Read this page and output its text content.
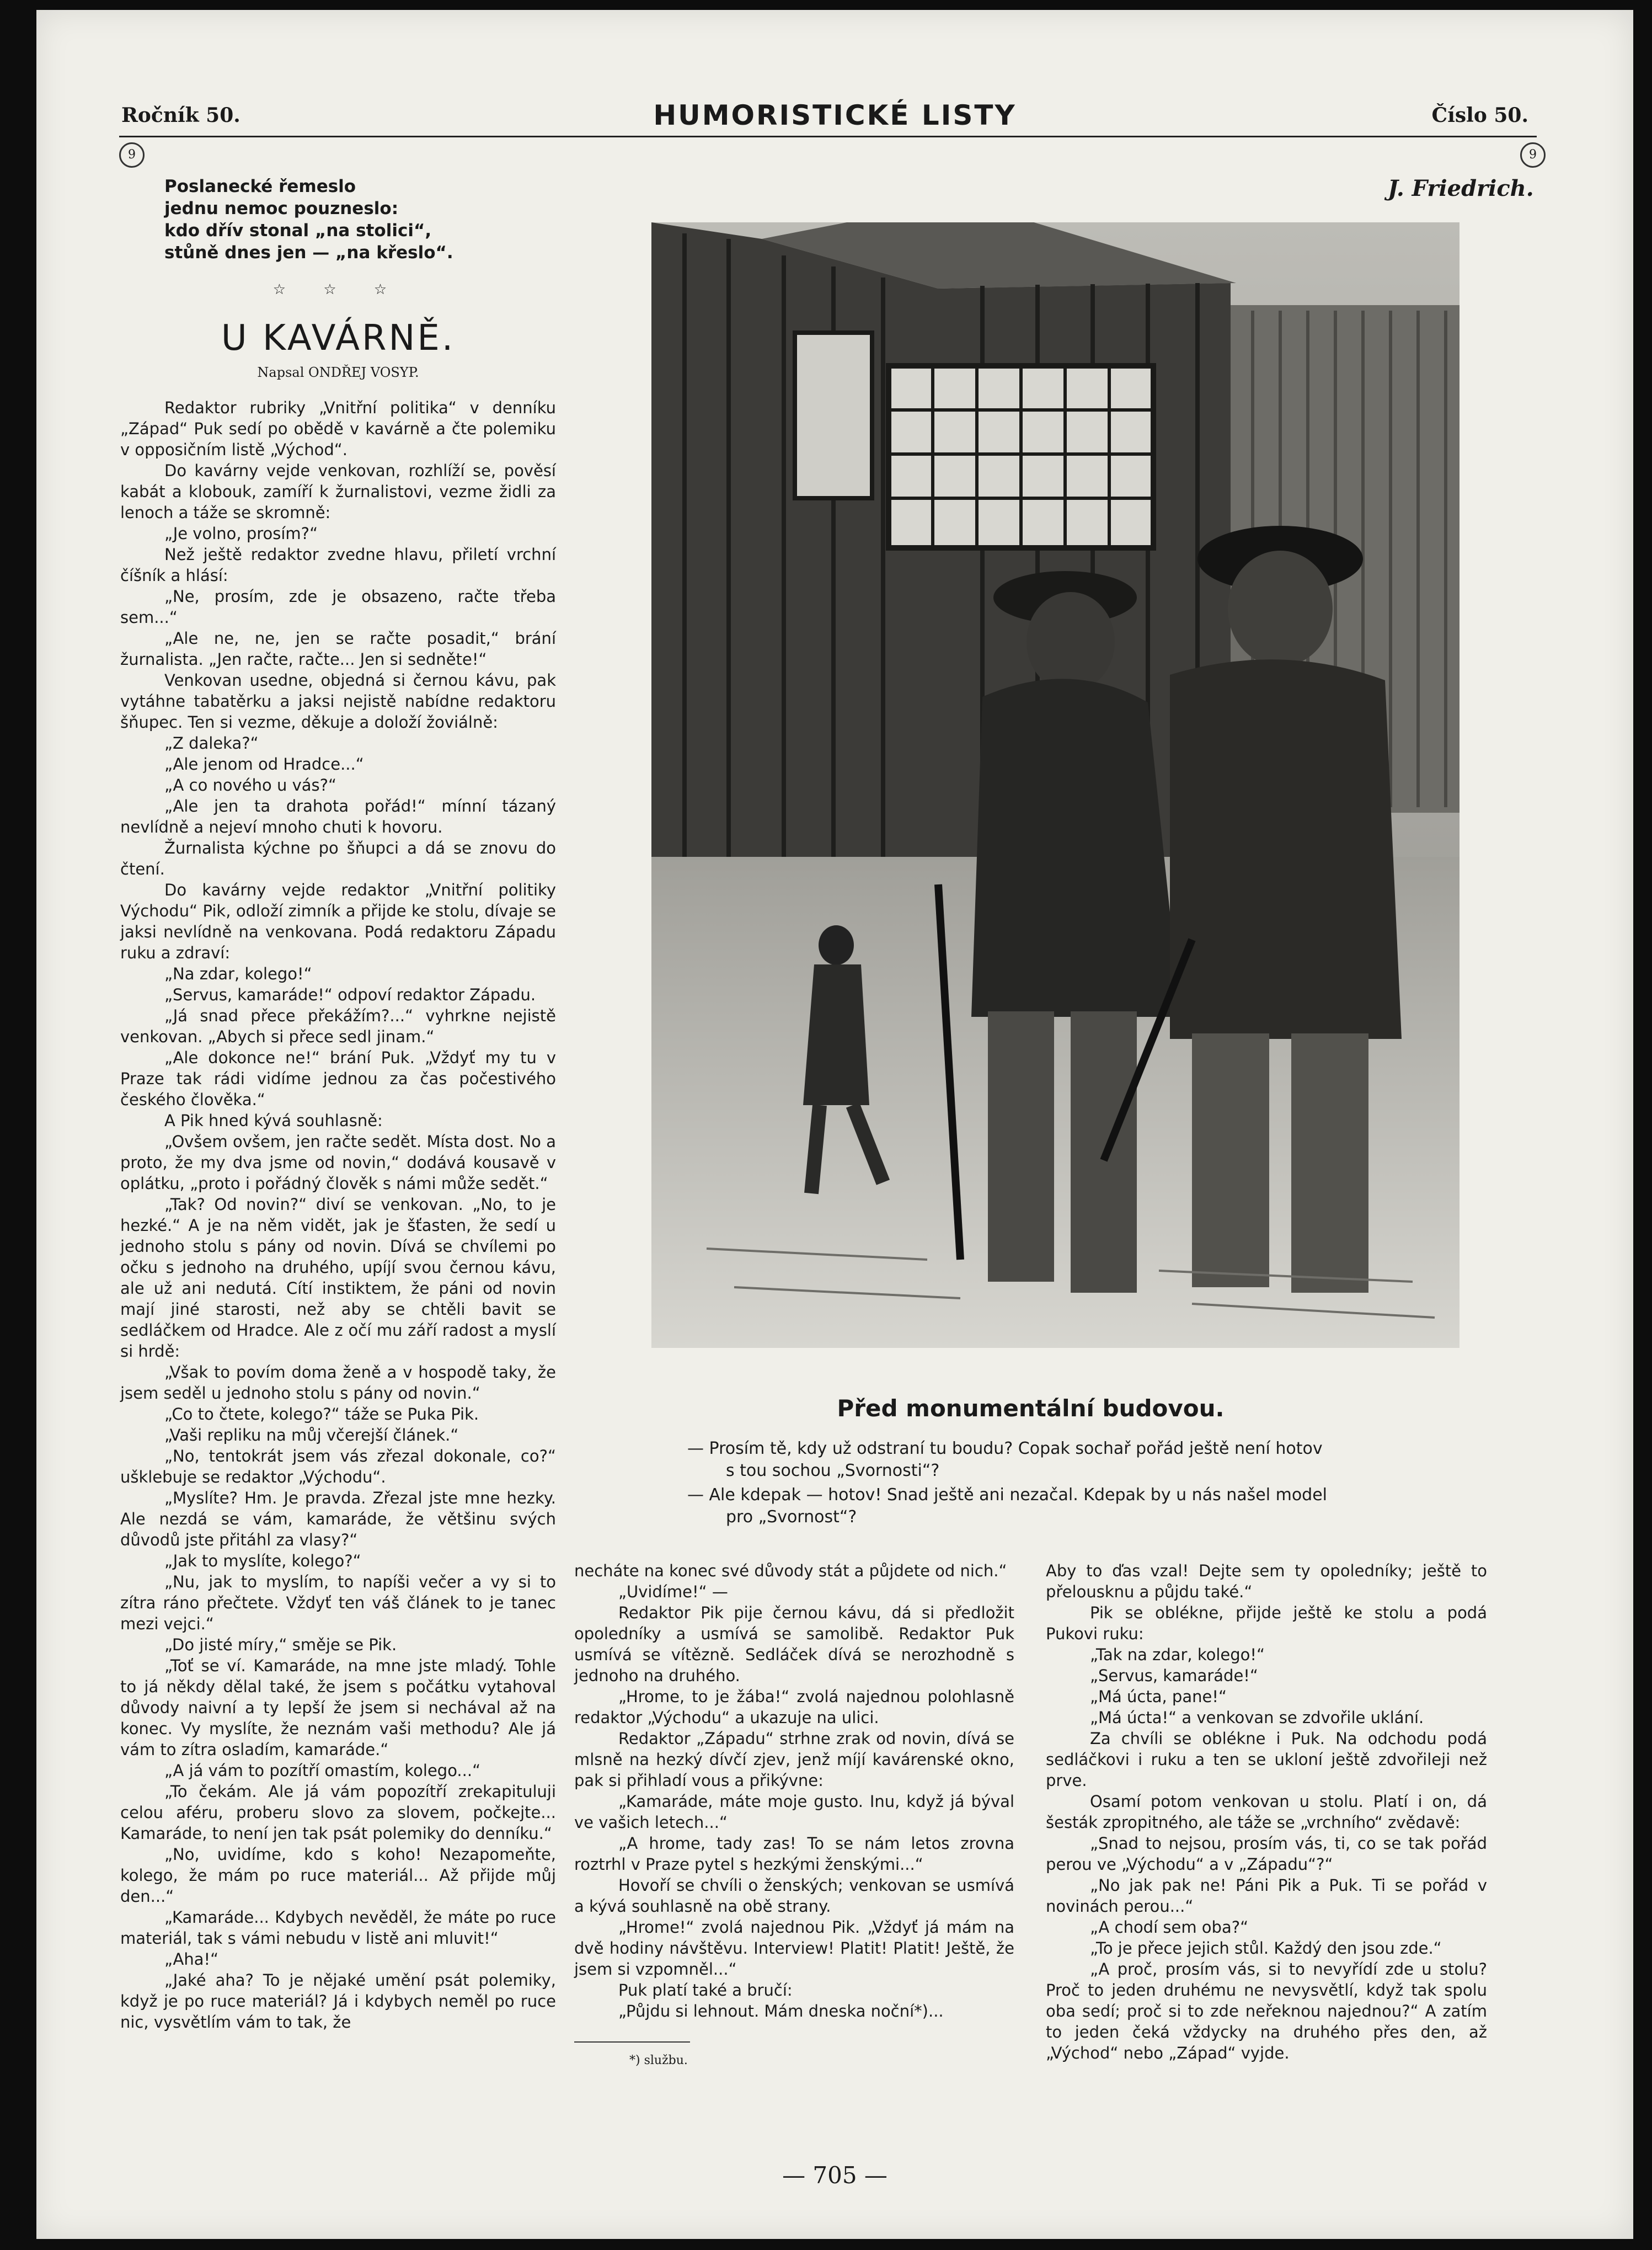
Ročník 50.	HUMORISTICKÉ LISTY	Číslo 50.
9	9
Poslanecké řemeslo
jednu nemoc pouzneslo:
kdo dřív stonal „na stolici“,
stůně dnes jen — „na křeslo“.
☆ ☆ ☆
U KAVÁRNĚ.
Napsal ONDŘEJ VOSYP.

Redaktor rubriky „Vnitřní politika“ v denníku „Západ“ Puk sedí po obědě v kavárně a čte polemiku v opposičním listě „Východ“.

Do kavárny vejde venkovan, rozhlíží se, pověsí kabát a klobouk, zamíří k žurnalistovi, vezme židli za lenoch a táže se skromně:

„Je volno, prosím?“

Než ještě redaktor zvedne hlavu, přiletí vrchní číšník a hlásí:

„Ne, prosím, zde je obsazeno, račte třeba sem...“

„Ale ne, ne, jen se račte posadit,“ brání žurnalista. „Jen račte, račte... Jen si sedněte!“

Venkovan usedne, objedná si černou kávu, pak vytáhne tabatěrku a jaksi nejistě nabídne redaktoru šňupec. Ten si vezme, děkuje a doloží žoviálně:

„Z daleka?“

„Ale jenom od Hradce...“

„A co nového u vás?“

„Ale jen ta drahota pořád!“ mínní tázaný nevlídně a nejeví mnoho chuti k hovoru.

Žurnalista kýchne po šňupci a dá se znovu do čtení.

Do kavárny vejde redaktor „Vnitřní politiky Východu“ Pik, odloží zimník a přijde ke stolu, dívaje se jaksi nevlídně na venkovana. Podá redaktoru Západu ruku a zdraví:

„Na zdar, kolego!“

„Servus, kamaráde!“ odpoví redaktor Západu.

„Já snad přece překážím?...“ vyhrkne nejistě venkovan. „Abych si přece sedl jinam.“

„Ale dokonce ne!“ brání Puk. „Vždyť my tu v Praze tak rádi vidíme jednou za čas počestivého českého člověka.“

A Pik hned kývá souhlasně:

„Ovšem ovšem, jen račte sedět. Místa dost. No a proto, že my dva jsme od novin,“ dodává kousavě v oplátku, „proto i pořádný člověk s námi může sedět.“

„Tak? Od novin?“ diví se venkovan. „No, to je hezké.“ A je na něm vidět, jak je šťasten, že sedí u jednoho stolu s pány od novin. Dívá se chvílemi po očku s jednoho na druhého, upíjí svou černou kávu, ale už ani nedutá. Cítí instiktem, že páni od novin mají jiné starosti, než aby se chtěli bavit se sedláčkem od Hradce. Ale z očí mu září radost a myslí si hrdě:

„Však to povím doma ženě a v hospodě taky, že jsem seděl u jednoho stolu s pány od novin.“

„Co to čtete, kolego?“ táže se Puka Pik.

„Vaši repliku na můj včerejší článek.“

„No, tentokrát jsem vás zřezal dokonale, co?“ ušklebuje se redaktor „Východu“.

„Myslíte? Hm. Je pravda. Zřezal jste mne hezky. Ale nezdá se vám, kamaráde, že většinu svých důvodů jste přitáhl za vlasy?“

„Jak to myslíte, kolego?“

„Nu, jak to myslím, to napíši večer a vy si to zítra ráno přečtete. Vždyť ten váš článek to je tanec mezi vejci.“

„Do jisté míry,“ směje se Pik.

„Toť se ví. Kamaráde, na mne jste mladý. Tohle to já někdy dělal také, že jsem s počátku vytahoval důvody naivní a ty lepší že jsem si nechával až na konec. Vy myslíte, že neznám vaši methodu? Ale já vám to zítra osladím, kamaráde.“

„A já vám to pozítří omastím, kolego...“

„To čekám. Ale já vám popozítří zrekapituluji celou aféru, proberu slovo za slovem, počkejte... Kamaráde, to není jen tak psát polemiky do denníku.“

„No, uvidíme, kdo s koho! Nezapomeňte, kolego, že mám po ruce materiál... Až přijde můj den...“

„Kamaráde... Kdybych nevěděl, že máte po ruce materiál, tak s vámi nebudu v listě ani mluvit!“

„Aha!“

„Jaké aha? To je nějaké umění psát polemiky, když je po ruce materiál? Já i kdybych neměl po ruce nic, vysvětlím vám to tak, že

J. Friedrich.
Před monumentální budovou.

— Prosím tě, kdy už odstraní tu boudu? Copak sochař pořád ještě není hotov

s tou sochou „Svornosti“?

— Ale kdepak — hotov! Snad ještě ani nezačal. Kdepak by u nás našel model

pro „Svornost“?

necháte na konec své důvody stát a půjdete od nich.“

„Uvidíme!“ —

Redaktor Pik pije černou kávu, dá si předložit opoledníky a usmívá se samolibě. Redaktor Puk usmívá se vítězně. Sedláček dívá se nerozhodně s jednoho na druhého.

„Hrome, to je žába!“ zvolá najednou polohlasně redaktor „Východu“ a ukazuje na ulici.

Redaktor „Západu“ strhne zrak od novin, dívá se mlsně na hezký dívčí zjev, jenž míjí kavárenské okno, pak si přihladí vous a přikývne:

„Kamaráde, máte moje gusto. Inu, když já býval ve vašich letech...“

„A hrome, tady zas! To se nám letos zrovna roztrhl v Praze pytel s hezkými ženskými...“

Hovoří se chvíli o ženských; venkovan se usmívá a kývá souhlasně na obě strany.

„Hrome!“ zvolá najednou Pik. „Vždyť já mám na dvě hodiny návštěvu. Interview! Platit! Platit! Ještě, že jsem si vzpomněl...“

Puk platí také a bručí:

„Půjdu si lehnout. Mám dneska noční*)...

*) službu.

Aby to ďas vzal! Dejte sem ty opoledníky; ještě to přelousknu a půjdu také.“

Pik se oblékne, přijde ještě ke stolu a podá Pukovi ruku:

„Tak na zdar, kolego!“

„Servus, kamaráde!“

„Má úcta, pane!“

„Má úcta!“ a venkovan se zdvořile uklání.

Za chvíli se oblékne i Puk. Na odchodu podá sedláčkovi i ruku a ten se ukloní ještě zdvořileji než prve.

Osamí potom venkovan u stolu. Platí i on, dá šesták zpropitného, ale táže se „vrchního“ zvědavě:

„Snad to nejsou, prosím vás, ti, co se tak pořád perou ve „Východu“ a v „Západu“?“

„No jak pak ne! Páni Pik a Puk. Ti se pořád v novinách perou...“

„A chodí sem oba?“

„To je přece jejich stůl. Každý den jsou zde.“

„A proč, prosím vás, si to nevyřídí zde u stolu? Proč to jeden druhému ne nevysvětlí, když tak spolu oba sedí; proč si to zde neřeknou najednou?“ A zatím to jeden čeká vždycky na druhého přes den, až „Východ“ nebo „Západ“ vyjde.

— 705 —
